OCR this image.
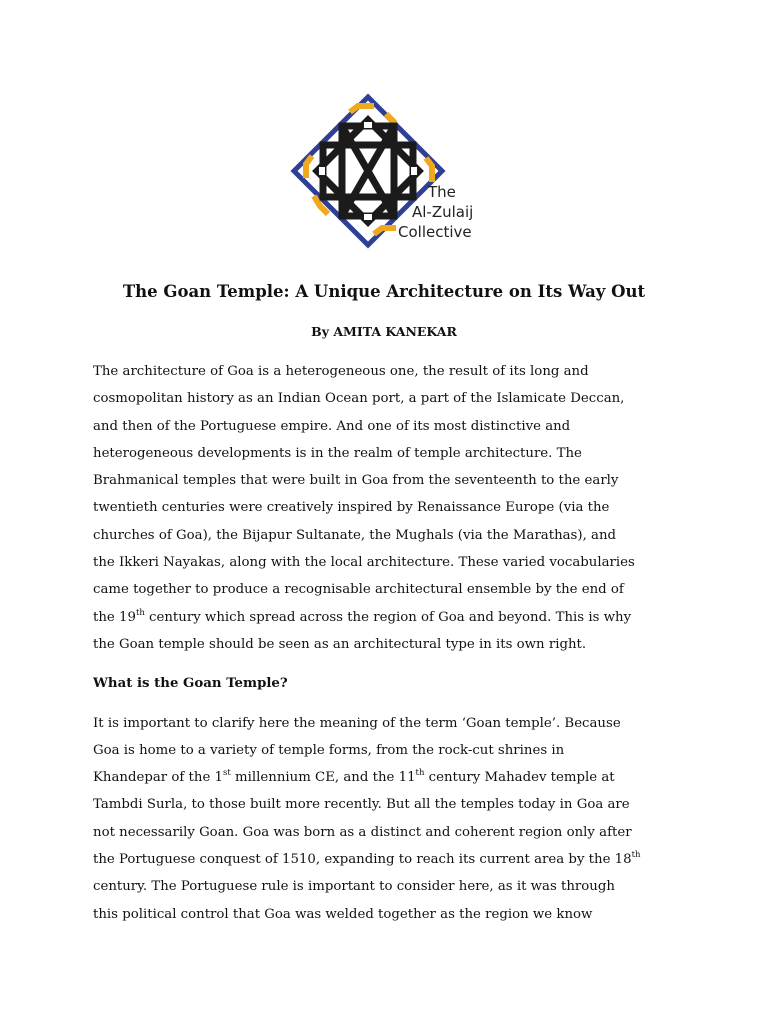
The
Al-Zulaij
Collective
The Goan Temple: A Unique Architecture on Its Way Out

By AMITA KANEKAR

The architecture of Goa is a heterogeneous one, the result of its long and
cosmopolitan history as an Indian Ocean port, a part of the Islamicate Deccan,
and then of the Portuguese empire. And one of its most distinctive and
heterogeneous developments is in the realm of temple architecture. The
Brahmanical temples that were built in Goa from the seventeenth to the early
twentieth centuries were creatively inspired by Renaissance Europe (via the
churches of Goa), the Bijapur Sultanate, the Mughals (via the Marathas), and
the Ikkeri Nayakas, along with the local architecture. These varied vocabularies
came together to produce a recognisable architectural ensemble by the end of
the 19th century which spread across the region of Goa and beyond. This is why
the Goan temple should be seen as an architectural type in its own right.

What is the Goan Temple?

It is important to clarify here the meaning of the term ‘Goan temple’. Because
Goa is home to a variety of temple forms, from the rock-cut shrines in
Khandepar of the 1st millennium CE, and the 11th century Mahadev temple at
Tambdi Surla, to those built more recently. But all the temples today in Goa are
not necessarily Goan. Goa was born as a distinct and coherent region only after
the Portuguese conquest of 1510, expanding to reach its current area by the 18th
century. The Portuguese rule is important to consider here, as it was through
this political control that Goa was welded together as the region we know
